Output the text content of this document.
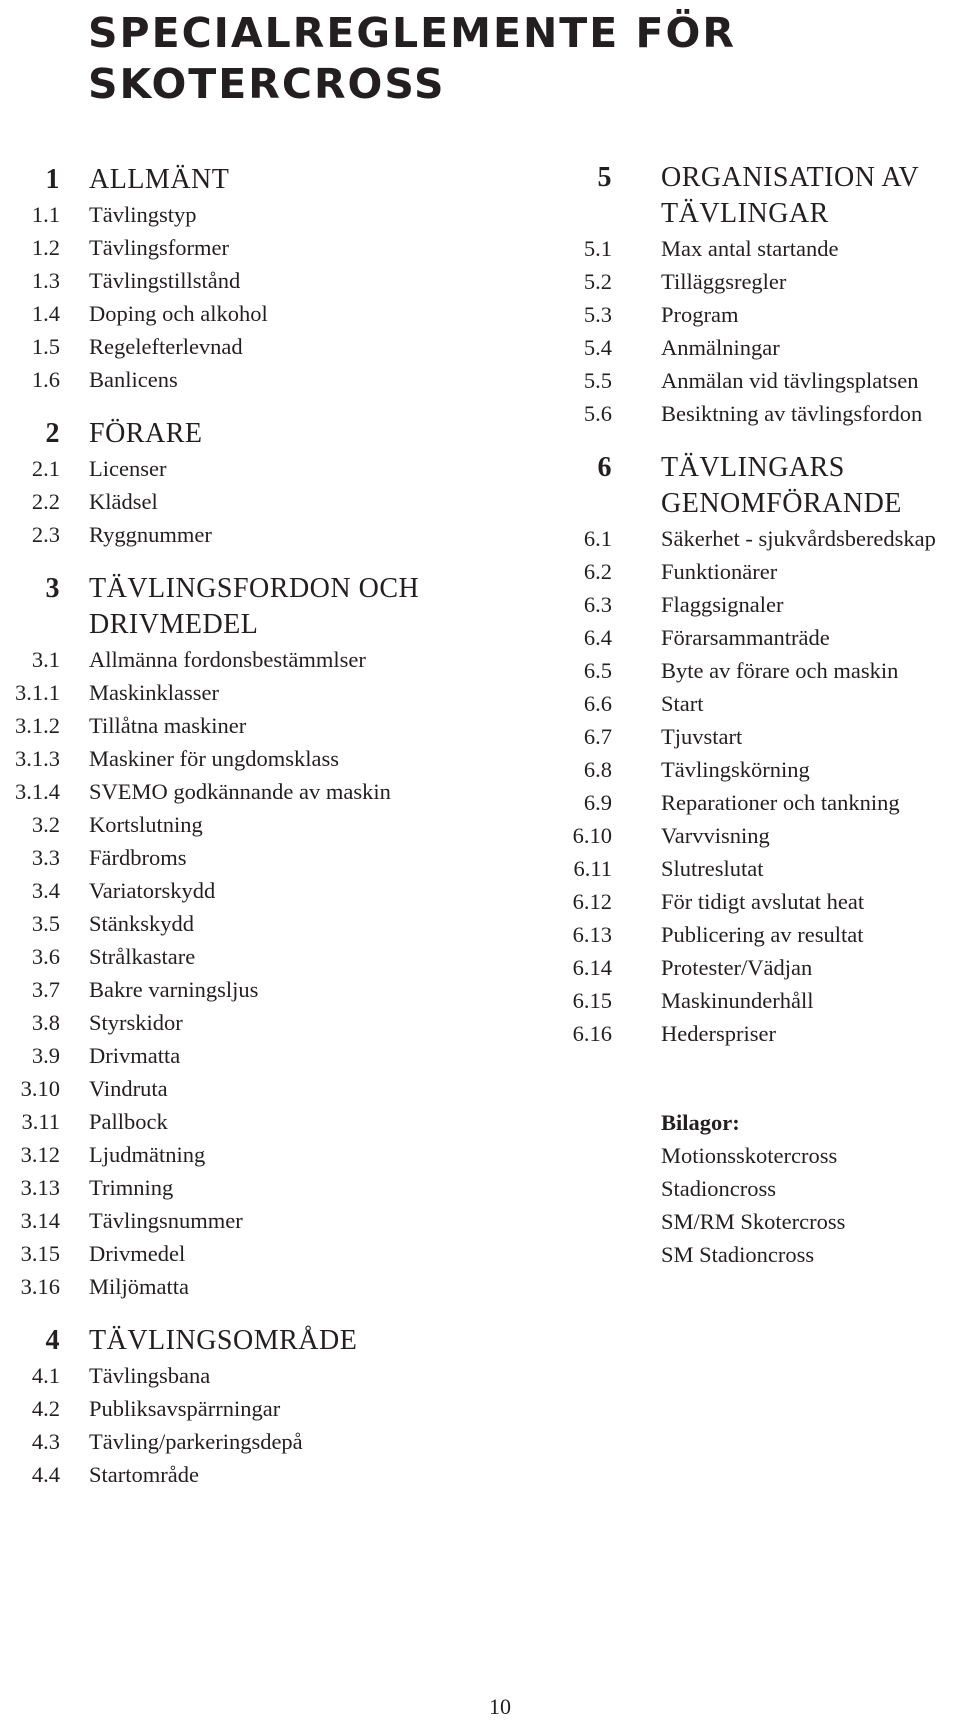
SPECIALREGLEMENTE FÖR SKOTERCROSS
1 ALLMÄNT
1.1 Tävlingstyp
1.2 Tävlingsformer
1.3 Tävlingstillstånd
1.4 Doping och alkohol
1.5 Regelefterlevnad
1.6 Banlicens
2 FÖRARE
2.1 Licenser
2.2 Klädsel
2.3 Ryggnummer
3 TÄVLINGSFORDON OCH DRIVMEDEL
3.1 Allmänna fordonsbestämmlser
3.1.1 Maskinklasser
3.1.2 Tillåtna maskiner
3.1.3 Maskiner för ungdomsklass
3.1.4 SVEMO godkännande av maskin
3.2 Kortslutning
3.3 Färdbroms
3.4 Variatorskydd
3.5 Stänkskydd
3.6 Strålkastare
3.7 Bakre varningsljus
3.8 Styrskidor
3.9 Drivmatta
3.10 Vindruta
3.11 Pallbock
3.12 Ljudmätning
3.13 Trimning
3.14 Tävlingsnummer
3.15 Drivmedel
3.16 Miljömatta
4 TÄVLINGSOMRÅDE
4.1 Tävlingsbana
4.2 Publiksavspärrningar
4.3 Tävling/parkeringsdepå
4.4 Startområde
5 ORGANISATION AV TÄVLINGAR
5.1 Max antal startande
5.2 Tilläggsregler
5.3 Program
5.4 Anmälningar
5.5 Anmälan vid tävlingsplatsen
5.6 Besiktning av tävlingsfordon
6 TÄVLINGARS GENOMFÖRANDE
6.1 Säkerhet - sjukvårdsberedskap
6.2 Funktionärer
6.3 Flaggsignaler
6.4 Förarsammanträde
6.5 Byte av förare och maskin
6.6 Start
6.7 Tjuvstart
6.8 Tävlingskörning
6.9 Reparationer och tankning
6.10 Varvvisning
6.11 Slutreslutat
6.12 För tidigt avslutat heat
6.13 Publicering av resultat
6.14 Protester/Vädjan
6.15 Maskinunderhåll
6.16 Hederspriser
Bilagor:
Motionsskotercross
Stadioncross
SM/RM Skotercross
SM Stadioncross
10
